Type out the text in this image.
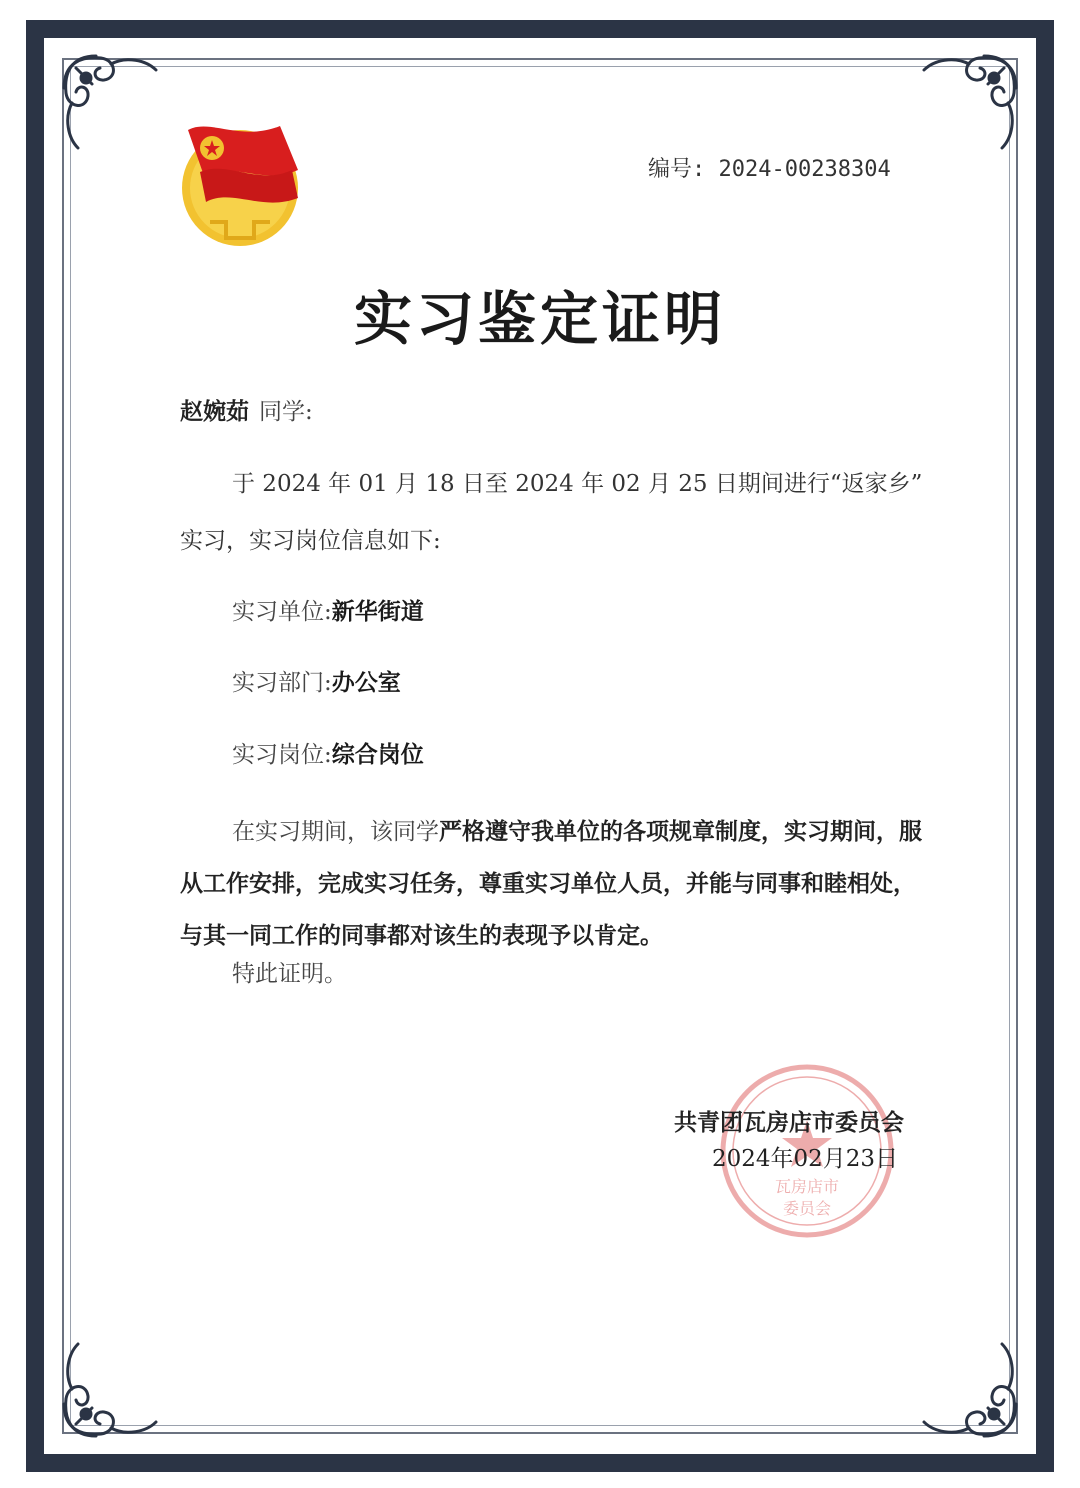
编号: 2024-00238304
实习鉴定证明
赵婉茹 同学:
于 2024 年 01 月 18 日至 2024 年 02 月 25 日期间进行“返家乡”
实习，实习岗位信息如下:
实习单位:新华街道
实习部门:办公室
实习岗位:综合岗位
在实习期间，该同学严格遵守我单位的各项规章制度，实习期间，服从工作安排，完成实习任务，尊重实习单位人员，并能与同事和睦相处，与其一同工作的同事都对该生的表现予以肯定。
特此证明。
瓦房店市
委员会
共青团瓦房店市委员会
2024年02月23日
